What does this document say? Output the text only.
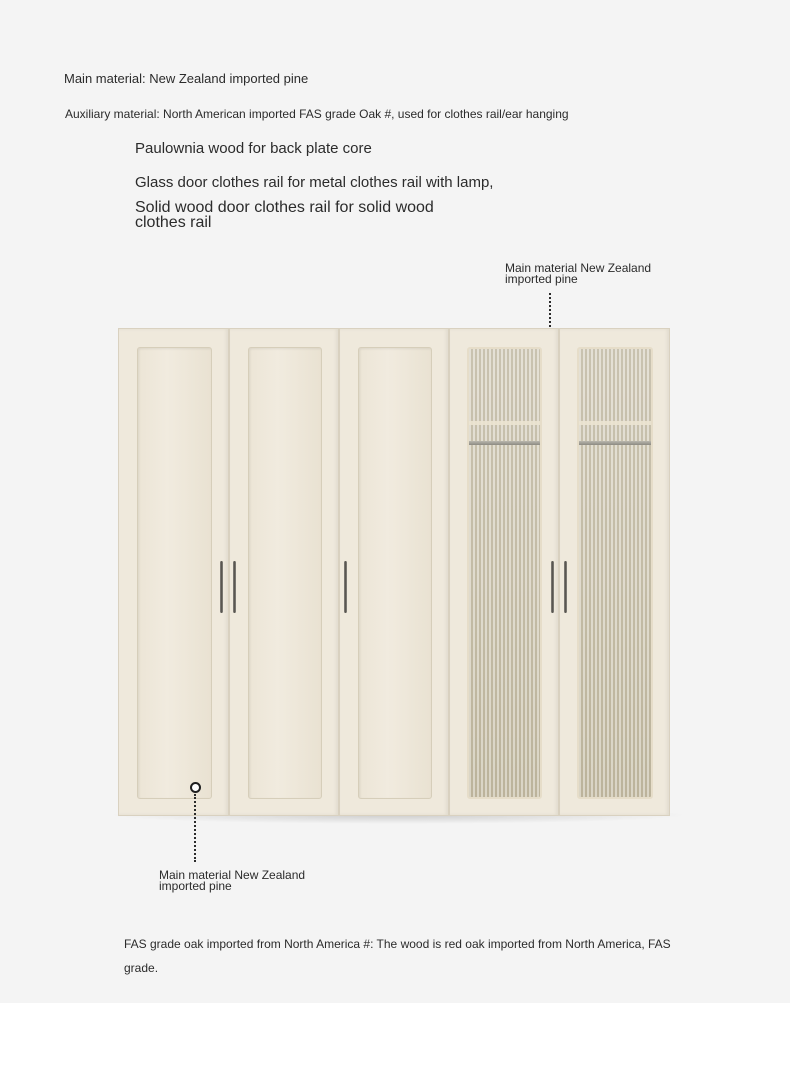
Main material: New Zealand imported pine
Auxiliary material: North American imported FAS grade Oak #, used for clothes rail/ear hanging
Paulownia wood for back plate core
Glass door clothes rail for metal clothes rail with lamp,
Solid wood door clothes rail for solid wood clothes rail
Main material New Zealand imported pine
Main material New Zealand imported pine
FAS grade oak imported from North America #: The wood is red oak imported from North America, FAS grade.
